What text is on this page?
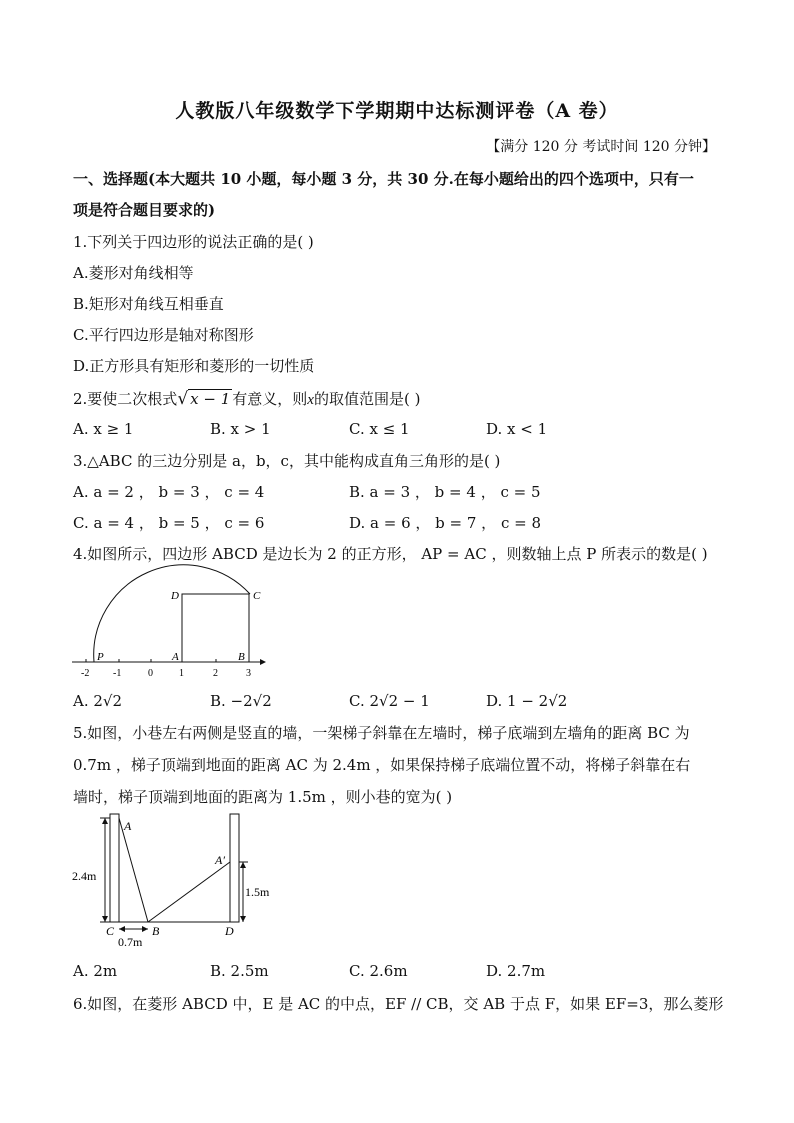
人教版八年级数学下学期期中达标测评卷（A 卷）
【满分 120 分 考试时间 120 分钟】
一、选择题(本大题共 10 小题，每小题 3 分，共 30 分.在每小题给出的四个选项中，只有一
项是符合题目要求的)
1.下列关于四边形的说法正确的是( )
A.菱形对角线相等
B.矩形对角线互相垂直
C.平行四边形是轴对称图形
D.正方形具有矩形和菱形的一切性质
2.要使二次根式√ x − 1 有意义，则x的取值范围是( )
A. x ≥ 1	B. x > 1	C. x ≤ 1	D. x < 1
3.△ABC 的三边分别是 a，b，c，其中能构成直角三角形的是( )
A. a = 2 ， b = 3 ， c = 4	B. a = 3 ， b = 4 ， c = 5
C. a = 4 ， b = 5 ， c = 6	D. a = 6 ， b = 7 ， c = 8
4.如图所示，四边形 ABCD 是边长为 2 的正方形， AP = AC ，则数轴上点 P 所表示的数是( )
-2 -1	0	1	2	3
D	C
P	A	B
A. 2√2	B. −2√2	C. 2√2 − 1	D. 1 − 2√2
5.如图，小巷左右两侧是竖直的墙，一架梯子斜靠在左墙时，梯子底端到左墙角的距离 BC 为
0.7m ，梯子顶端到地面的距离 AC 为 2.4m ，如果保持梯子底端位置不动，将梯子斜靠在右
墙时，梯子顶端到地面的距离为 1.5m ，则小巷的宽为( )
A
A′
C	B	D
2.4m
1.5m
0.7m
A. 2m	B. 2.5m	C. 2.6m	D. 2.7m
6.如图，在菱形 ABCD 中，E 是 AC 的中点，EF // CB，交 AB 于点 F，如果 EF=3，那么菱形
